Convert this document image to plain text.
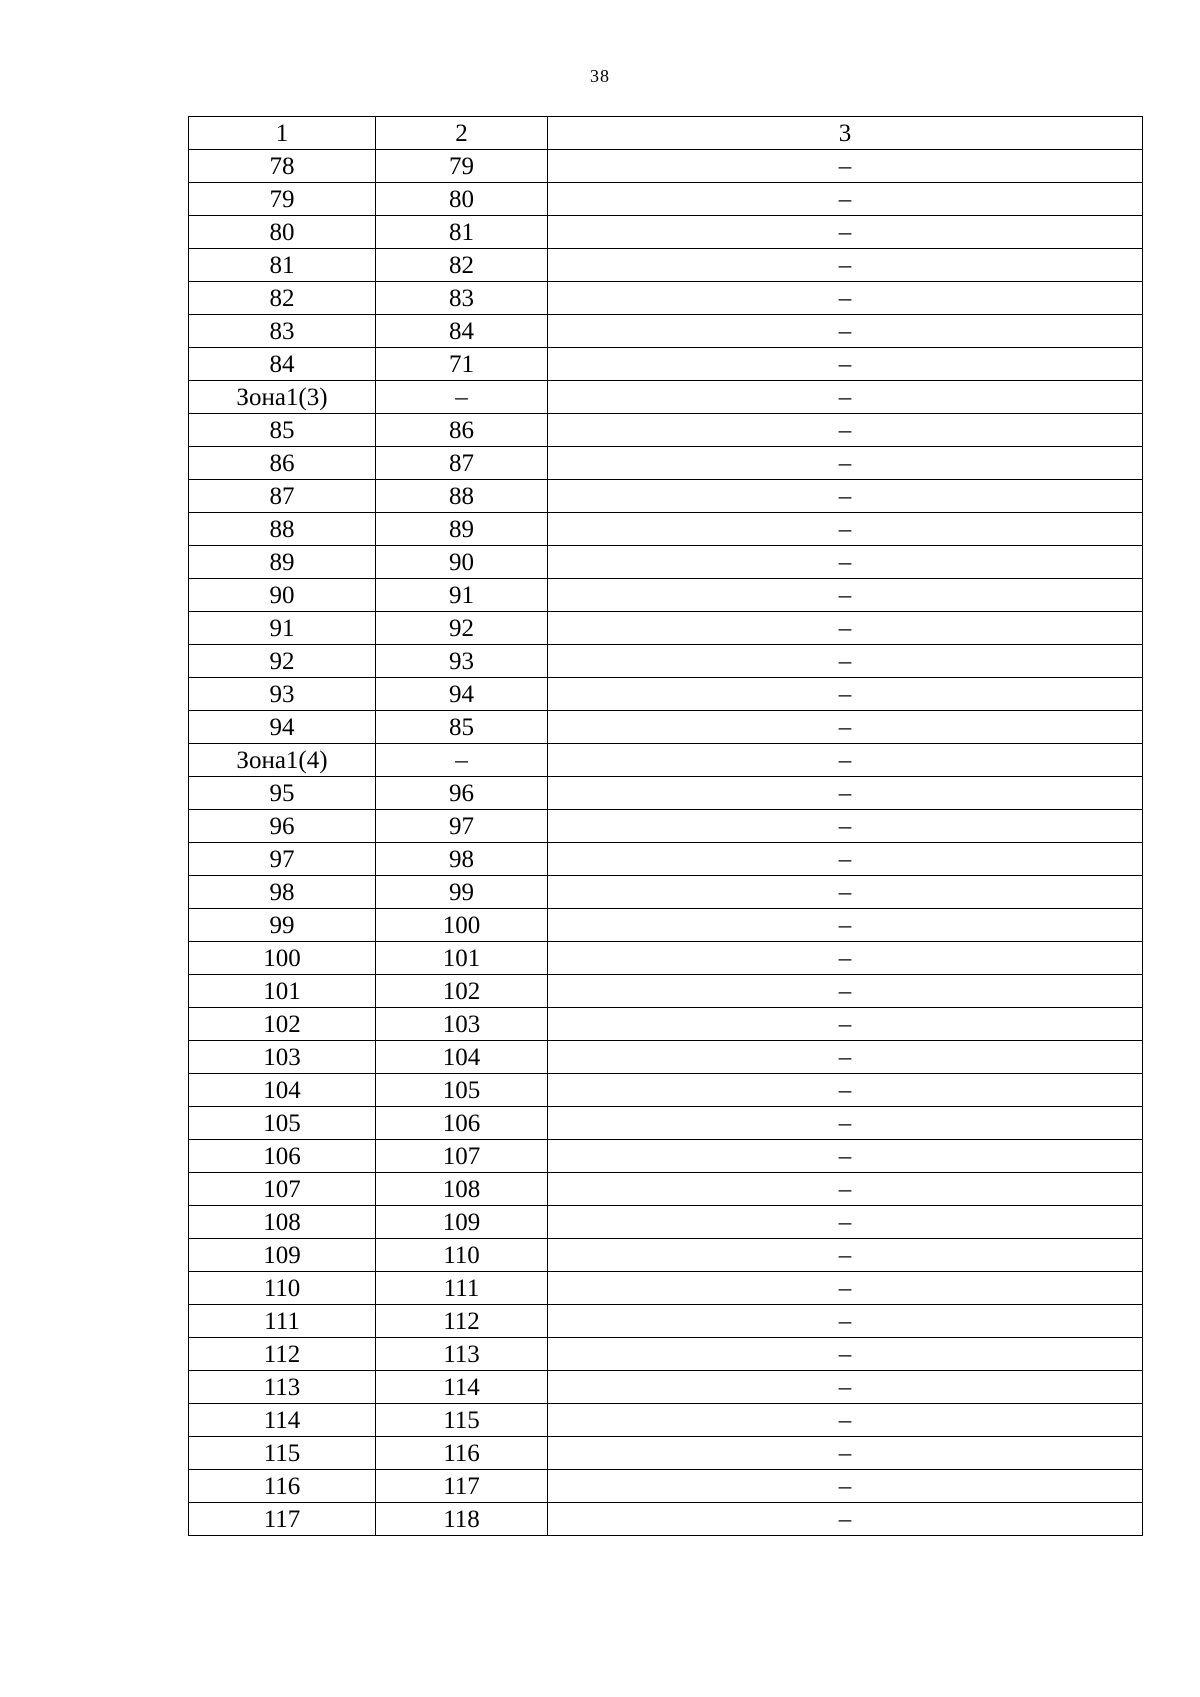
38
1	2	3
78	79	–
79	80	–
80	81	–
81	82	–
82	83	–
83	84	–
84	71	–
Зона1(3)	–	–
85	86	–
86	87	–
87	88	–
88	89	–
89	90	–
90	91	–
91	92	–
92	93	–
93	94	–
94	85	–
Зона1(4)	–	–
95	96	–
96	97	–
97	98	–
98	99	–
99	100	–
100	101	–
101	102	–
102	103	–
103	104	–
104	105	–
105	106	–
106	107	–
107	108	–
108	109	–
109	110	–
110	111	–
111	112	–
112	113	–
113	114	–
114	115	–
115	116	–
116	117	–
117	118	–
